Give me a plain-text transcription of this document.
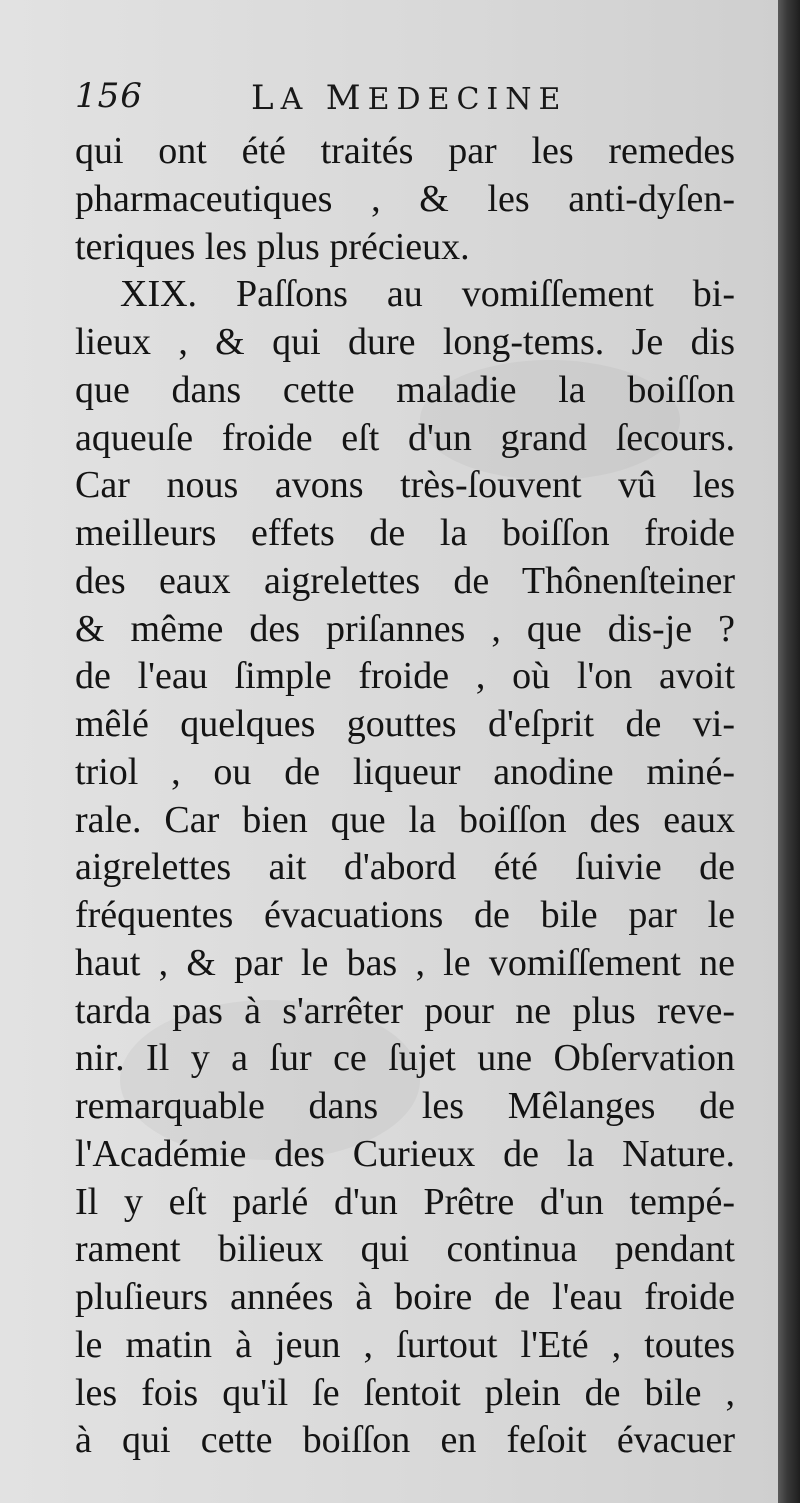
156	LA MEDECINE
qui ont été traités par les remedes
pharmaceutiques , & les anti-dyſen-
teriques les plus précieux.
XIX. Paſſons au vomiſſement bi-
lieux , & qui dure long-tems. Je dis
que dans cette maladie la boiſſon
aqueuſe froide eſt d'un grand ſecours.
Car nous avons très-ſouvent vû les
meilleurs effets de la boiſſon froide
des eaux aigrelettes de Thônenſteiner
& même des priſannes , que dis-je ?
de l'eau ſimple froide , où l'on avoit
mêlé quelques gouttes d'eſprit de vi-
triol , ou de liqueur anodine miné-
rale. Car bien que la boiſſon des eaux
aigrelettes ait d'abord été ſuivie de
fréquentes évacuations de bile par le
haut , & par le bas , le vomiſſement ne
tarda pas à s'arrêter pour ne plus reve-
nir. Il y a ſur ce ſujet une Obſervation
remarquable dans les Mêlanges de
l'Académie des Curieux de la Nature.
Il y eſt parlé d'un Prêtre d'un tempé-
rament bilieux qui continua pendant
pluſieurs années à boire de l'eau froide
le matin à jeun , ſurtout l'Eté , toutes
les fois qu'il ſe ſentoit plein de bile ,
à qui cette boiſſon en feſoit évacuer
